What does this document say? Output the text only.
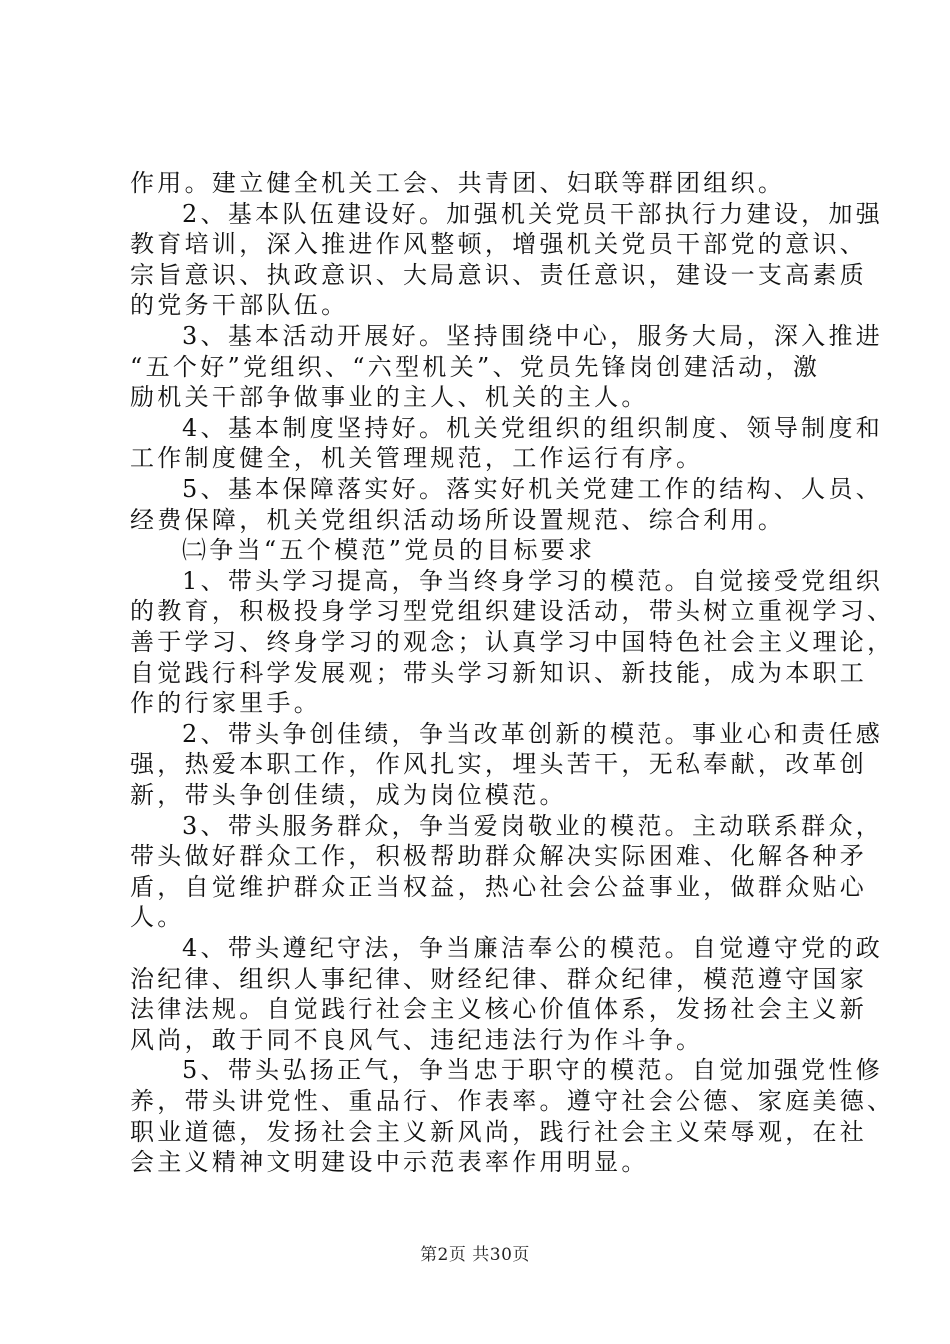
作用。建立健全机关工会、共青团、妇联等群团组织。
2、基本队伍建设好。加强机关党员干部执行力建设，加强
教育培训，深入推进作风整顿，增强机关党员干部党的意识、
宗旨意识、执政意识、大局意识、责任意识，建设一支高素质
的党务干部队伍。
3、基本活动开展好。坚持围绕中心，服务大局，深入推进
“五个好”党组织、“六型机关”、党员先锋岗创建活动，激
励机关干部争做事业的主人、机关的主人。
4、基本制度坚持好。机关党组织的组织制度、领导制度和
工作制度健全，机关管理规范，工作运行有序。
5、基本保障落实好。落实好机关党建工作的结构、人员、
经费保障，机关党组织活动场所设置规范、综合利用。
㈡争当“五个模范”党员的目标要求
1、带头学习提高，争当终身学习的模范。自觉接受党组织
的教育，积极投身学习型党组织建设活动，带头树立重视学习、
善于学习、终身学习的观念；认真学习中国特色社会主义理论，
自觉践行科学发展观；带头学习新知识、新技能，成为本职工
作的行家里手。
2、带头争创佳绩，争当改革创新的模范。事业心和责任感
强，热爱本职工作，作风扎实，埋头苦干，无私奉献，改革创
新，带头争创佳绩，成为岗位模范。
3、带头服务群众，争当爱岗敬业的模范。主动联系群众，
带头做好群众工作，积极帮助群众解决实际困难、化解各种矛
盾，自觉维护群众正当权益，热心社会公益事业，做群众贴心
人。
4、带头遵纪守法，争当廉洁奉公的模范。自觉遵守党的政
治纪律、组织人事纪律、财经纪律、群众纪律，模范遵守国家
法律法规。自觉践行社会主义核心价值体系，发扬社会主义新
风尚，敢于同不良风气、违纪违法行为作斗争。
5、带头弘扬正气，争当忠于职守的模范。自觉加强党性修
养，带头讲党性、重品行、作表率。遵守社会公德、家庭美德、
职业道德，发扬社会主义新风尚，践行社会主义荣辱观，在社
会主义精神文明建设中示范表率作用明显。
第2页 共30页
